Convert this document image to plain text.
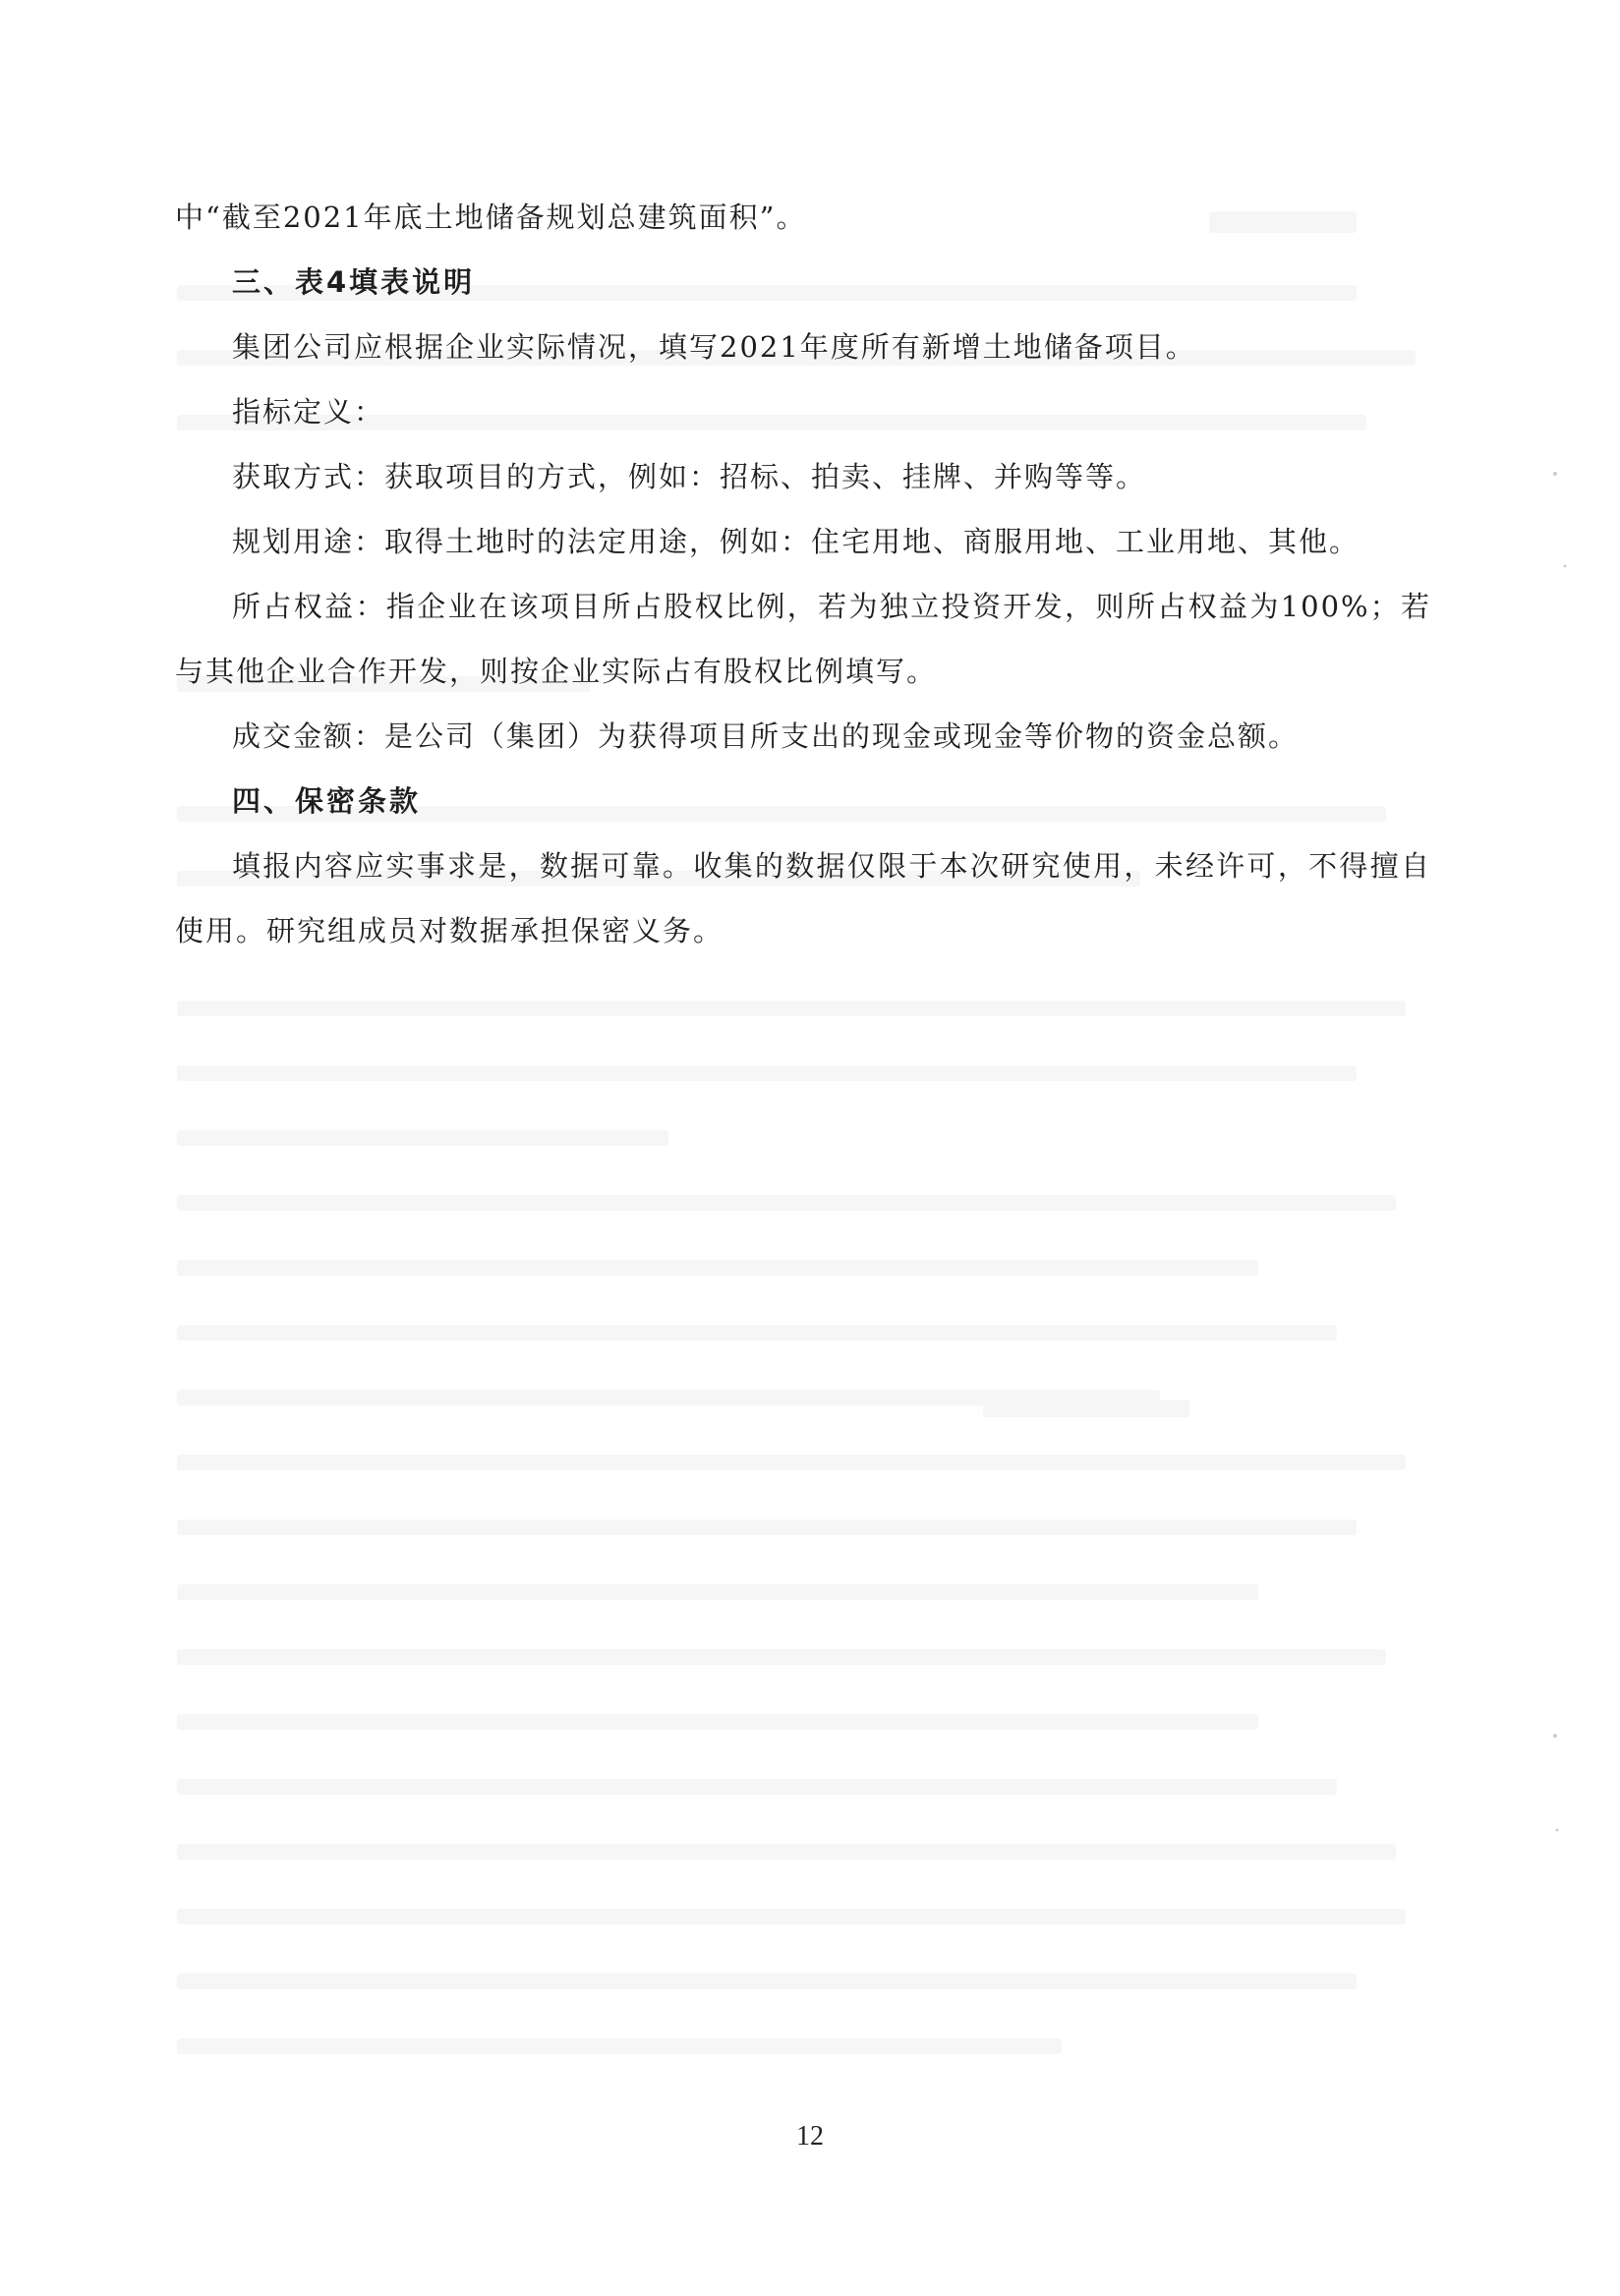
中“截至2021年底土地储备规划总建筑面积”。

三、表4填表说明

集团公司应根据企业实际情况，填写2021年度所有新增土地储备项目。

指标定义：

获取方式：获取项目的方式，例如：招标、拍卖、挂牌、并购等等。

规划用途：取得土地时的法定用途，例如：住宅用地、商服用地、工业用地、其他。

所占权益：指企业在该项目所占股权比例，若为独立投资开发，则所占权益为100%；若与其他企业合作开发，则按企业实际占有股权比例填写。

成交金额：是公司（集团）为获得项目所支出的现金或现金等价物的资金总额。

四、保密条款

填报内容应实事求是，数据可靠。收集的数据仅限于本次研究使用，未经许可，不得擅自使用。研究组成员对数据承担保密义务。

12
